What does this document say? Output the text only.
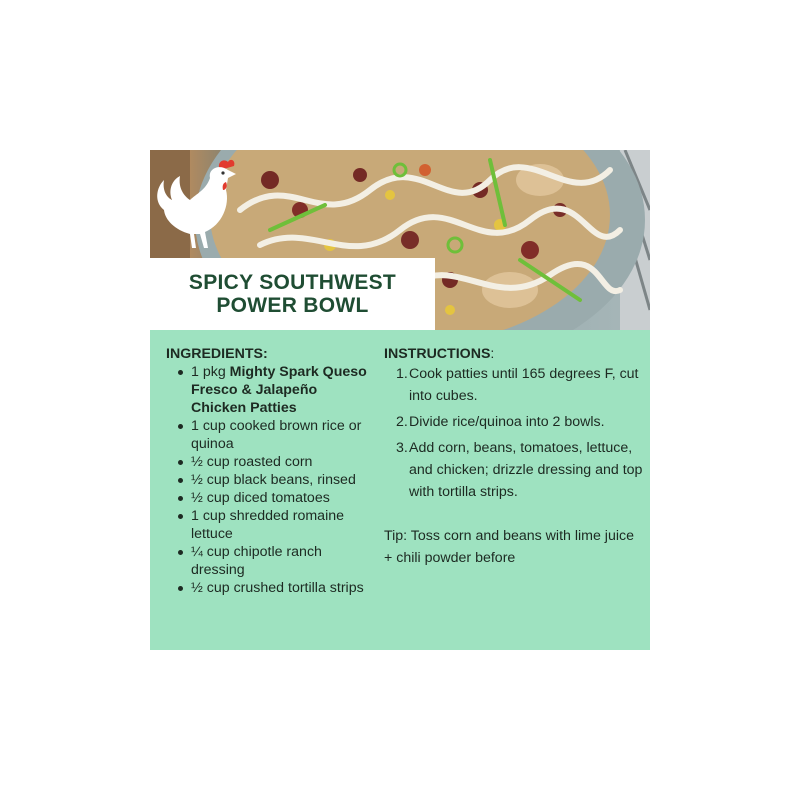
SPICY SOUTHWEST
POWER BOWL
INGREDIENTS:
1 pkg Mighty Spark Queso Fresco & Jalapeño Chicken Patties
1 cup cooked brown rice or quinoa
½ cup roasted corn
½ cup black beans, rinsed
½ cup diced tomatoes
1 cup shredded romaine lettuce
¼ cup chipotle ranch dressing
½ cup crushed tortilla strips
INSTRUCTIONS:
1. Cook patties until 165 degrees F, cut into cubes.
2. Divide rice/quinoa into 2 bowls.
3. Add corn, beans, tomatoes, lettuce, and chicken; drizzle dressing and top with tortilla strips.
Tip: Toss corn and beans with lime juice + chili powder before
